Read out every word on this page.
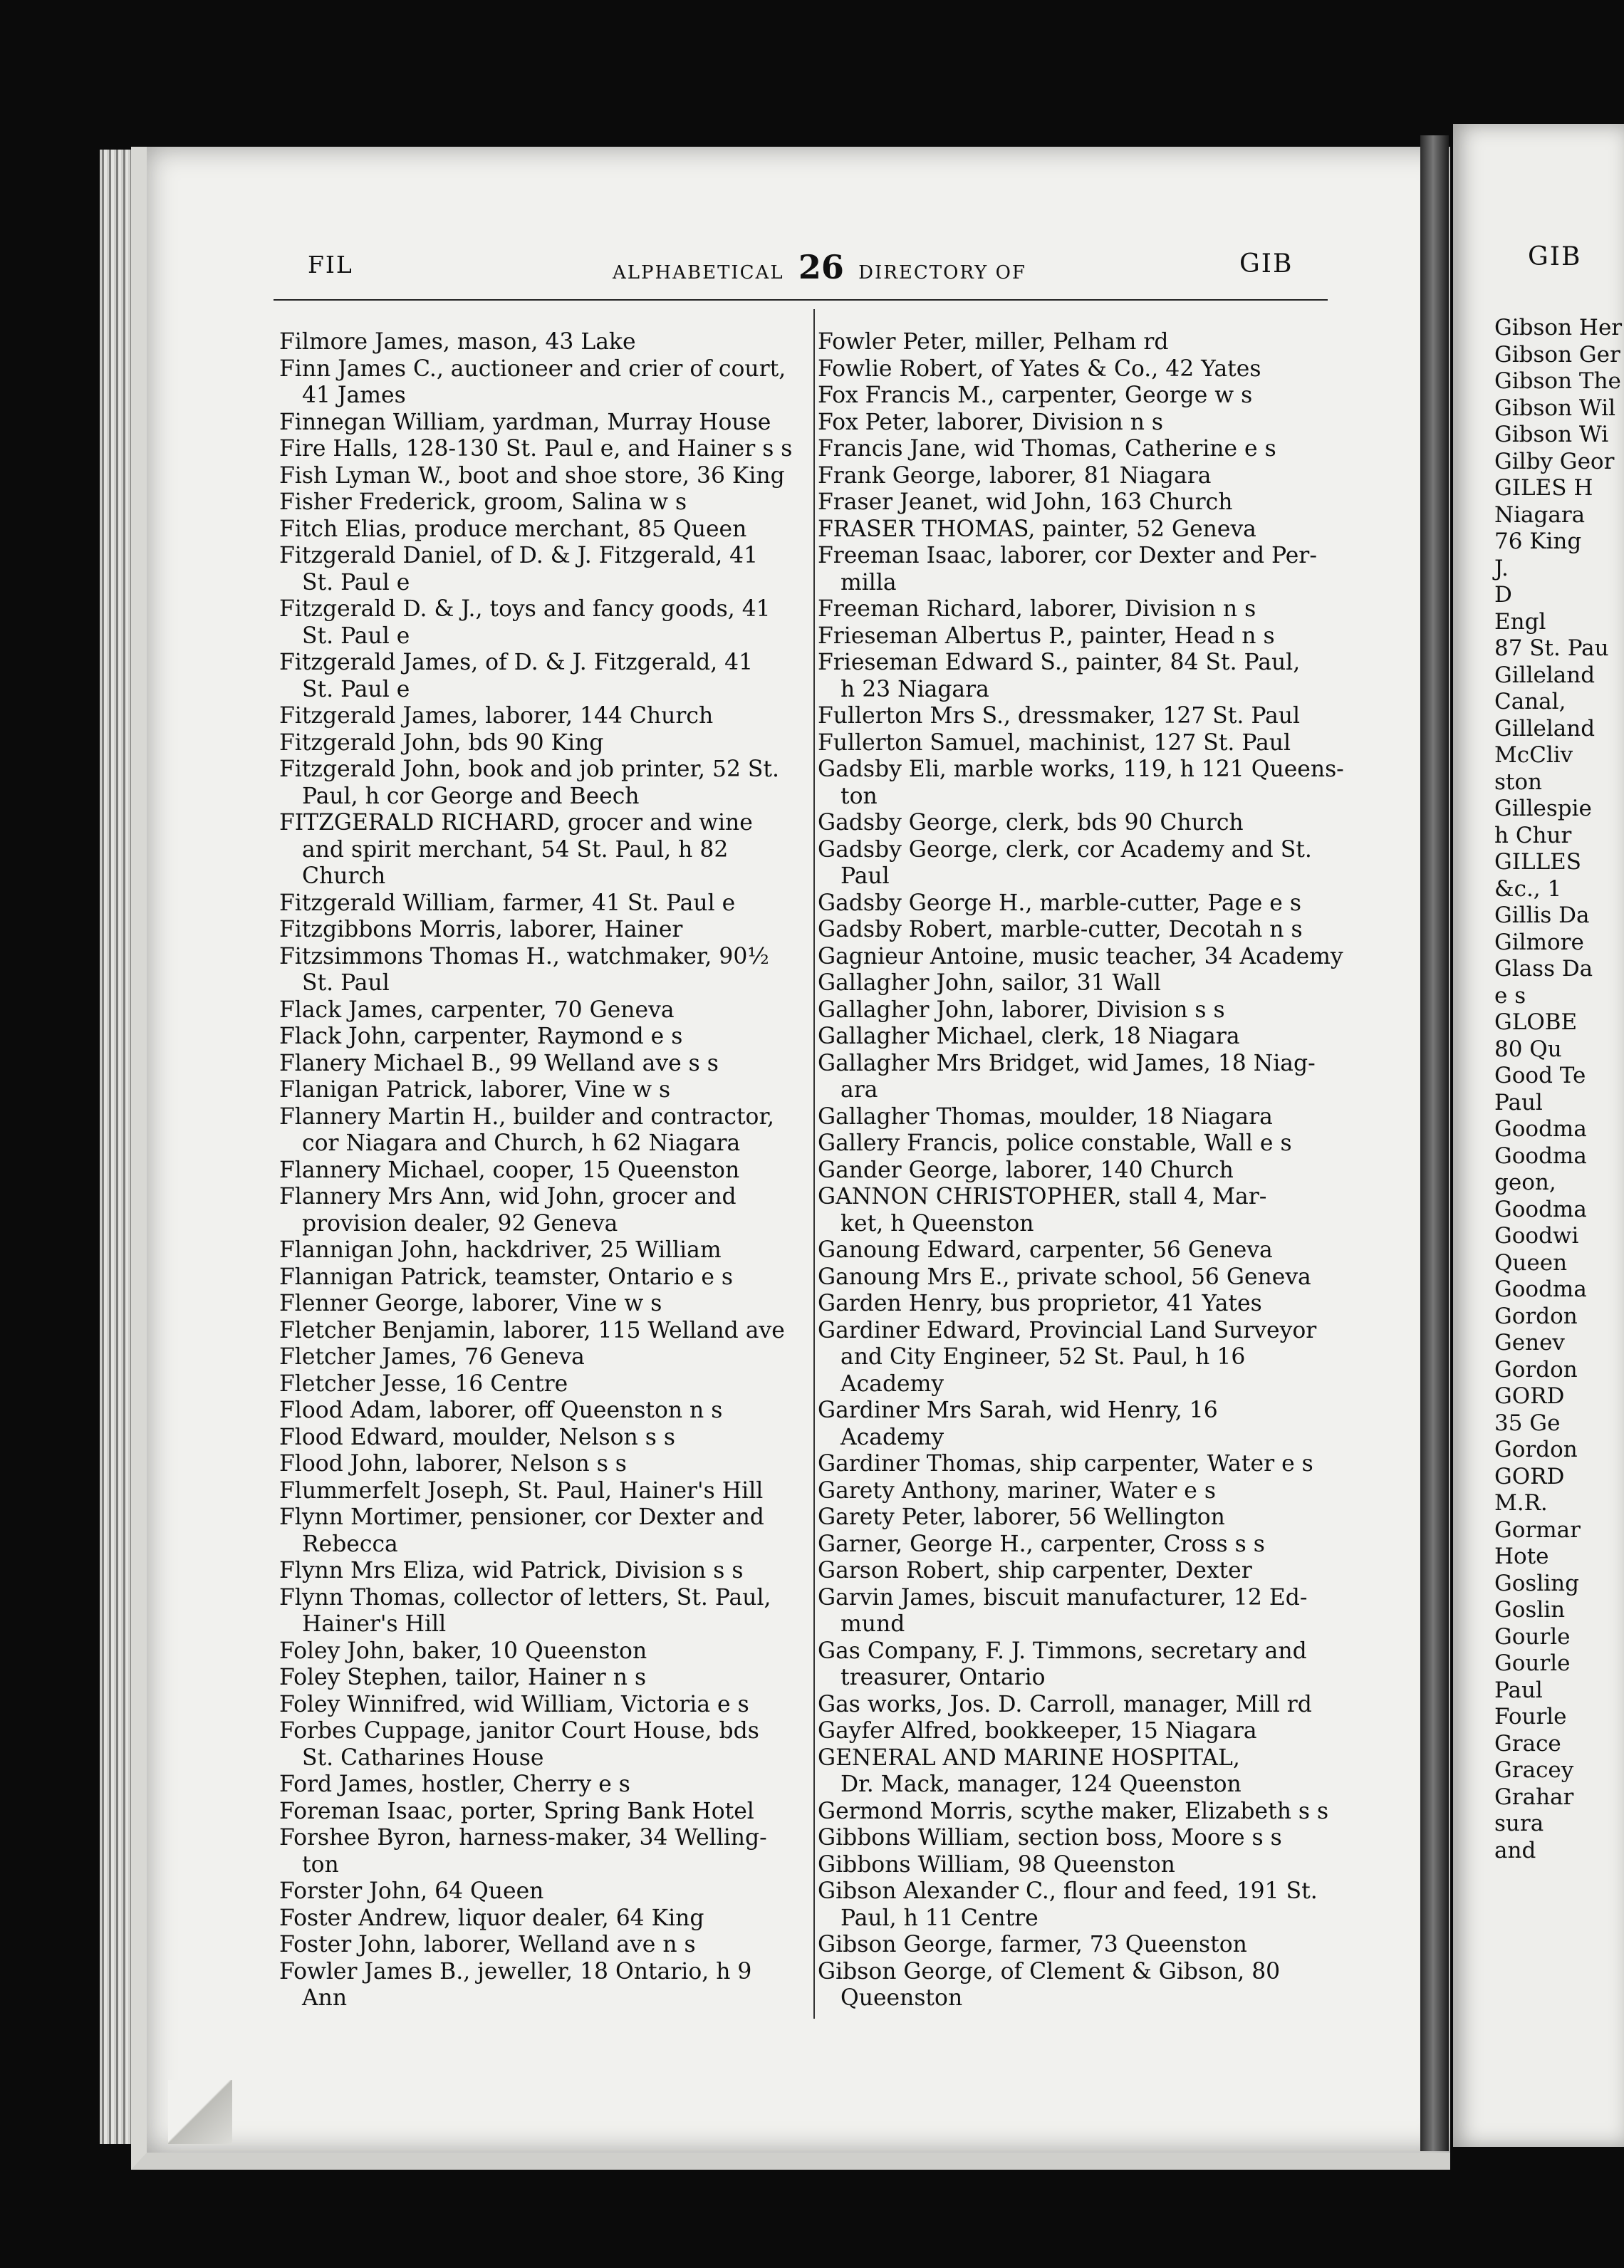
FIL	ALPHABETICAL 26 DIRECTORY OF	GIB
Filmore James, mason, 43 Lake
Finn James C., auctioneer and crier of court,
41 James
Finnegan William, yardman, Murray House
Fire Halls, 128-130 St. Paul e, and Hainer s s
Fish Lyman W., boot and shoe store, 36 King
Fisher Frederick, groom, Salina w s
Fitch Elias, produce merchant, 85 Queen
Fitzgerald Daniel, of D. & J. Fitzgerald, 41
St. Paul e
Fitzgerald D. & J., toys and fancy goods, 41
St. Paul e
Fitzgerald James, of D. & J. Fitzgerald, 41
St. Paul e
Fitzgerald James, laborer, 144 Church
Fitzgerald John, bds 90 King
Fitzgerald John, book and job printer, 52 St.
Paul, h cor George and Beech
FITZGERALD RICHARD, grocer and wine
and spirit merchant, 54 St. Paul, h 82
Church
Fitzgerald William, farmer, 41 St. Paul e
Fitzgibbons Morris, laborer, Hainer
Fitzsimmons Thomas H., watchmaker, 90½
St. Paul
Flack James, carpenter, 70 Geneva
Flack John, carpenter, Raymond e s
Flanery Michael B., 99 Welland ave s s
Flanigan Patrick, laborer, Vine w s
Flannery Martin H., builder and contractor,
cor Niagara and Church, h 62 Niagara
Flannery Michael, cooper, 15 Queenston
Flannery Mrs Ann, wid John, grocer and
provision dealer, 92 Geneva
Flannigan John, hackdriver, 25 William
Flannigan Patrick, teamster, Ontario e s
Flenner George, laborer, Vine w s
Fletcher Benjamin, laborer, 115 Welland ave
Fletcher James, 76 Geneva
Fletcher Jesse, 16 Centre
Flood Adam, laborer, off Queenston n s
Flood Edward, moulder, Nelson s s
Flood John, laborer, Nelson s s
Flummerfelt Joseph, St. Paul, Hainer's Hill
Flynn Mortimer, pensioner, cor Dexter and
Rebecca
Flynn Mrs Eliza, wid Patrick, Division s s
Flynn Thomas, collector of letters, St. Paul,
Hainer's Hill
Foley John, baker, 10 Queenston
Foley Stephen, tailor, Hainer n s
Foley Winnifred, wid William, Victoria e s
Forbes Cuppage, janitor Court House, bds
St. Catharines House
Ford James, hostler, Cherry e s
Foreman Isaac, porter, Spring Bank Hotel
Forshee Byron, harness-maker, 34 Welling-
ton
Forster John, 64 Queen
Foster Andrew, liquor dealer, 64 King
Foster John, laborer, Welland ave n s
Fowler James B., jeweller, 18 Ontario, h 9
Ann
Fowler Peter, miller, Pelham rd
Fowlie Robert, of Yates & Co., 42 Yates
Fox Francis M., carpenter, George w s
Fox Peter, laborer, Division n s
Francis Jane, wid Thomas, Catherine e s
Frank George, laborer, 81 Niagara
Fraser Jeanet, wid John, 163 Church
FRASER THOMAS, painter, 52 Geneva
Freeman Isaac, laborer, cor Dexter and Per-
milla
Freeman Richard, laborer, Division n s
Frieseman Albertus P., painter, Head n s
Frieseman Edward S., painter, 84 St. Paul,
h 23 Niagara
Fullerton Mrs S., dressmaker, 127 St. Paul
Fullerton Samuel, machinist, 127 St. Paul
Gadsby Eli, marble works, 119, h 121 Queens-
ton
Gadsby George, clerk, bds 90 Church
Gadsby George, clerk, cor Academy and St.
Paul
Gadsby George H., marble-cutter, Page e s
Gadsby Robert, marble-cutter, Decotah n s
Gagnieur Antoine, music teacher, 34 Academy
Gallagher John, sailor, 31 Wall
Gallagher John, laborer, Division s s
Gallagher Michael, clerk, 18 Niagara
Gallagher Mrs Bridget, wid James, 18 Niag-
ara
Gallagher Thomas, moulder, 18 Niagara
Gallery Francis, police constable, Wall e s
Gander George, laborer, 140 Church
GANNON CHRISTOPHER, stall 4, Mar-
ket, h Queenston
Ganoung Edward, carpenter, 56 Geneva
Ganoung Mrs E., private school, 56 Geneva
Garden Henry, bus proprietor, 41 Yates
Gardiner Edward, Provincial Land Surveyor
and City Engineer, 52 St. Paul, h 16
Academy
Gardiner Mrs Sarah, wid Henry, 16
Academy
Gardiner Thomas, ship carpenter, Water e s
Garety Anthony, mariner, Water e s
Garety Peter, laborer, 56 Wellington
Garner, George H., carpenter, Cross s s
Garson Robert, ship carpenter, Dexter
Garvin James, biscuit manufacturer, 12 Ed-
mund
Gas Company, F. J. Timmons, secretary and
treasurer, Ontario
Gas works, Jos. D. Carroll, manager, Mill rd
Gayfer Alfred, bookkeeper, 15 Niagara
GENERAL AND MARINE HOSPITAL,
Dr. Mack, manager, 124 Queenston
Germond Morris, scythe maker, Elizabeth s s
Gibbons William, section boss, Moore s s
Gibbons William, 98 Queenston
Gibson Alexander C., flour and feed, 191 St.
Paul, h 11 Centre
Gibson George, farmer, 73 Queenston
Gibson George, of Clement & Gibson, 80
Queenston
GIB
Gibson Her
Gibson Ger
Gibson The
Gibson Wil
Gibson Wi
Gilby Geor
GILES H
Niagara
76 King
J.
D
Engl
87 St. Pau
Gilleland
Canal,
Gilleland
McCliv
ston
Gillespie
h Chur
GILLES
&c., 1
Gillis Da
Gilmore
Glass Da
e s
GLOBE
80 Qu
Good Te
Paul
Goodma
Goodma
geon,
Goodma
Goodwi
Queen
Goodma
Gordon
Genev
Gordon
GORD
35 Ge
Gordon
GORD
M.R.
Gormar
Hote
Gosling
Goslin
Gourle
Gourle
Paul
Fourle
Grace
Gracey
Grahar
sura
and
